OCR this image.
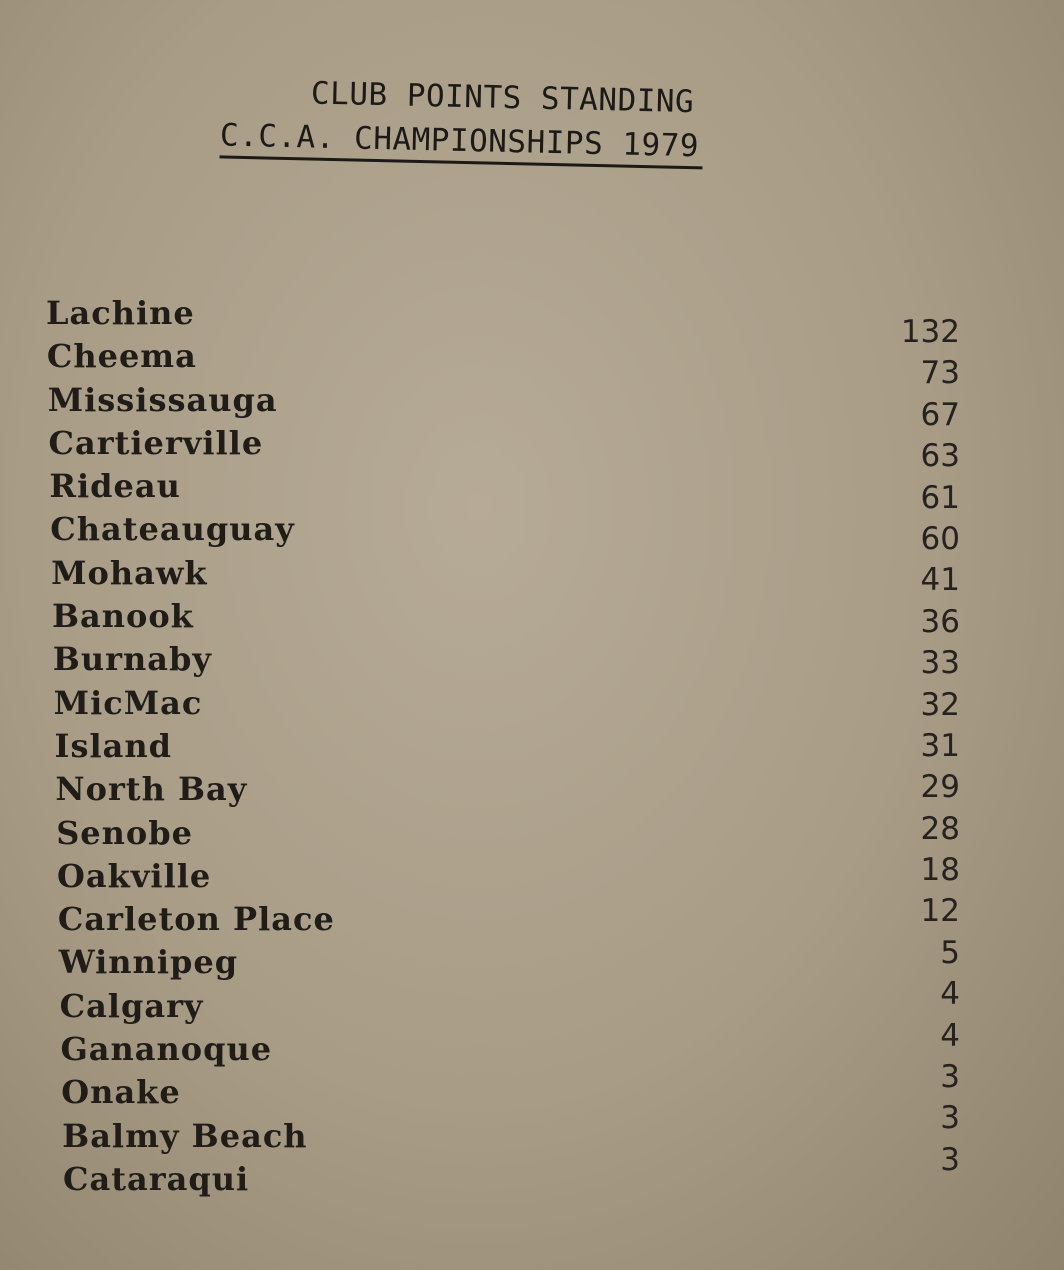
CLUB POINTS STANDING
C.C.A. CHAMPIONSHIPS 1979
Lachine
Cheema
Mississauga
Cartierville
Rideau
Chateauguay
Mohawk
Banook
Burnaby
MicMac
Island
North Bay
Senobe
Oakville
Carleton Place
Winnipeg
Calgary
Gananoque
Onake
Balmy Beach
Cataraqui
132
73
67
63
61
60
41
36
33
32
31
29
28
18
12
5
4
4
3
3
3
